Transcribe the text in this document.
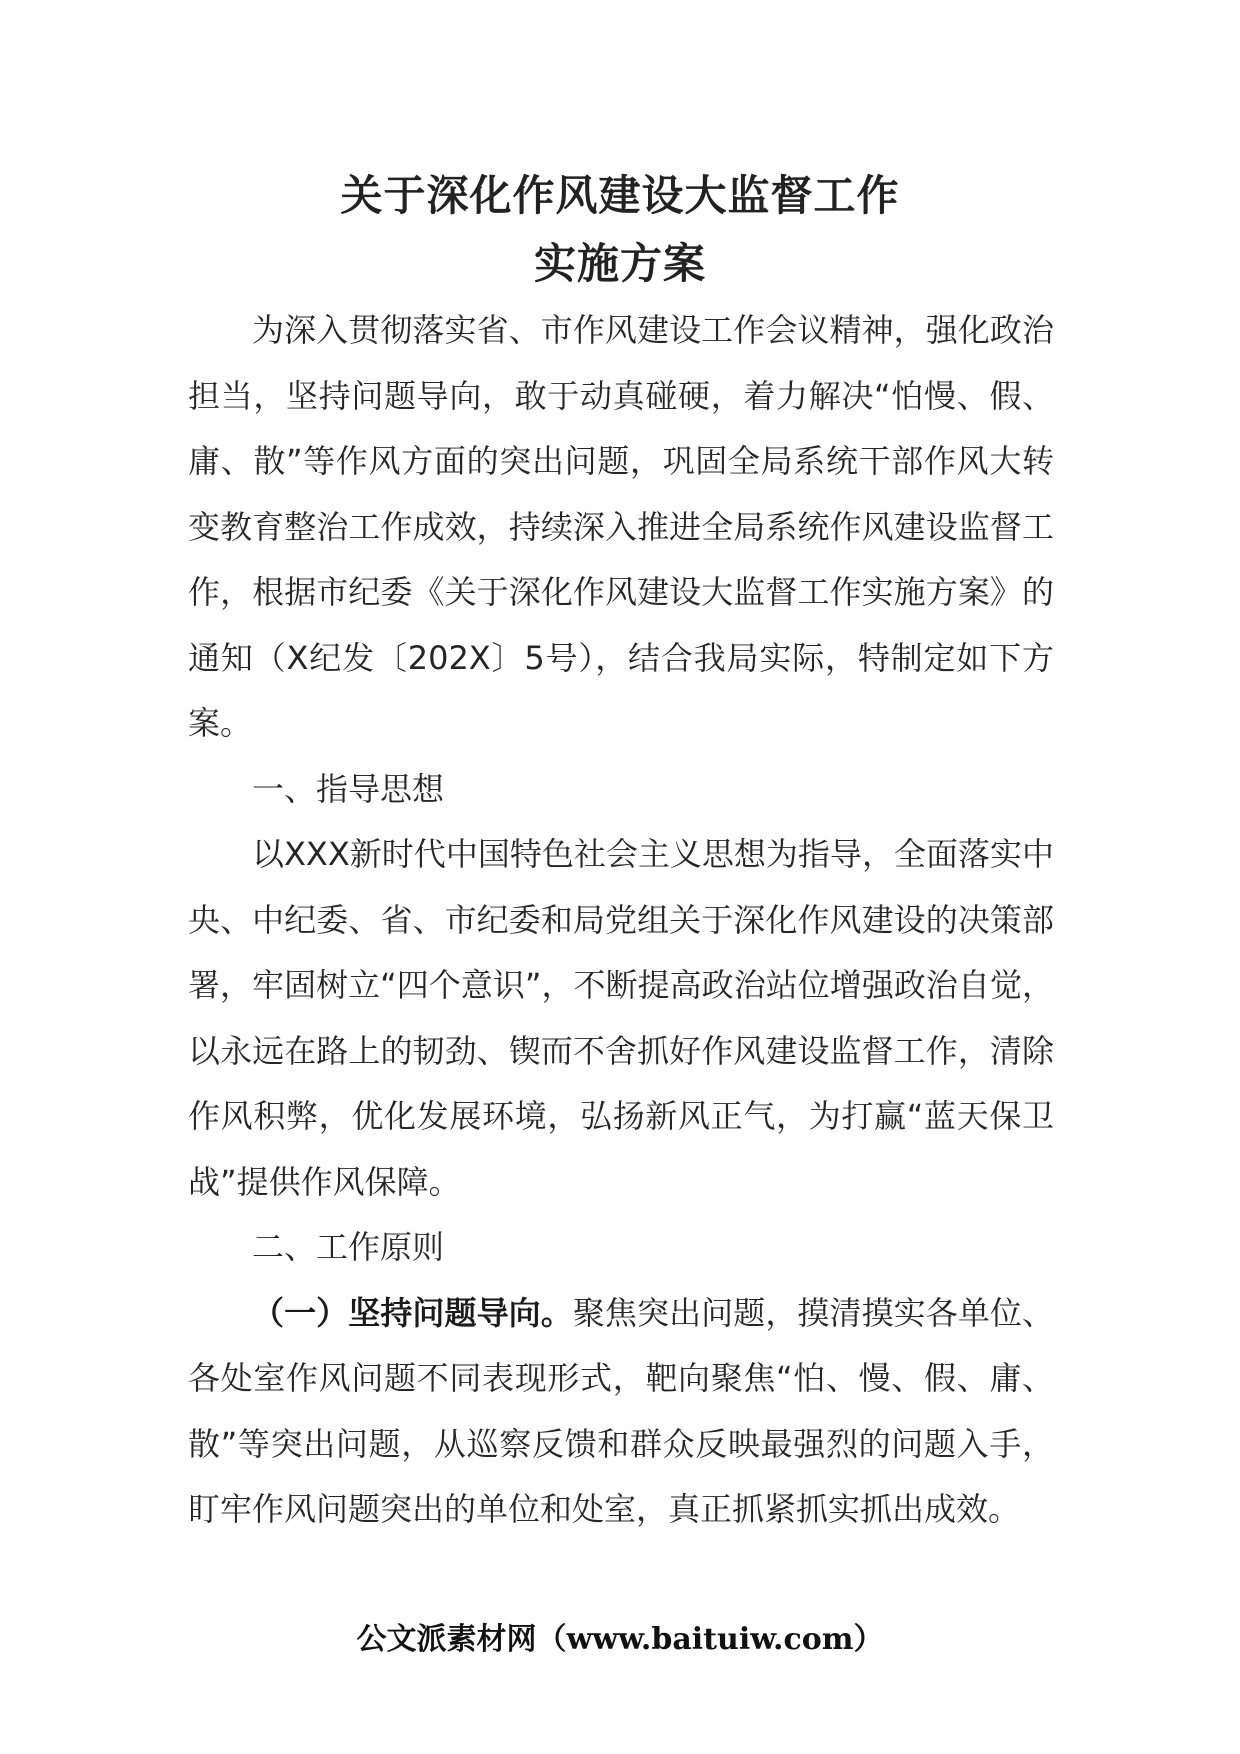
关于深化作风建设大监督工作
实施方案

为深入贯彻落实省、市作风建设工作会议精神，强化政治担当，坚持问题导向，敢于动真碰硬，着力解决“怕慢、假、庸、散”等作风方面的突出问题，巩固全局系统干部作风大转变教育整治工作成效，持续深入推进全局系统作风建设监督工作，根据市纪委《关于深化作风建设大监督工作实施方案》的通知（X纪发〔202X〕5号），结合我局实际，特制定如下方案。

一、指导思想

以XXX新时代中国特色社会主义思想为指导，全面落实中央、中纪委、省、市纪委和局党组关于深化作风建设的决策部署，牢固树立“四个意识”，不断提高政治站位增强政治自觉，以永远在路上的韧劲、锲而不舍抓好作风建设监督工作，清除作风积弊，优化发展环境，弘扬新风正气，为打赢“蓝天保卫战”提供作风保障。

二、工作原则

（一）坚持问题导向。聚焦突出问题，摸清摸实各单位、各处室作风问题不同表现形式，靶向聚焦“怕、慢、假、庸、散”等突出问题，从巡察反馈和群众反映最强烈的问题入手，盯牢作风问题突出的单位和处室，真正抓紧抓实抓出成效。

公文派素材网（www.baituiw.com）
